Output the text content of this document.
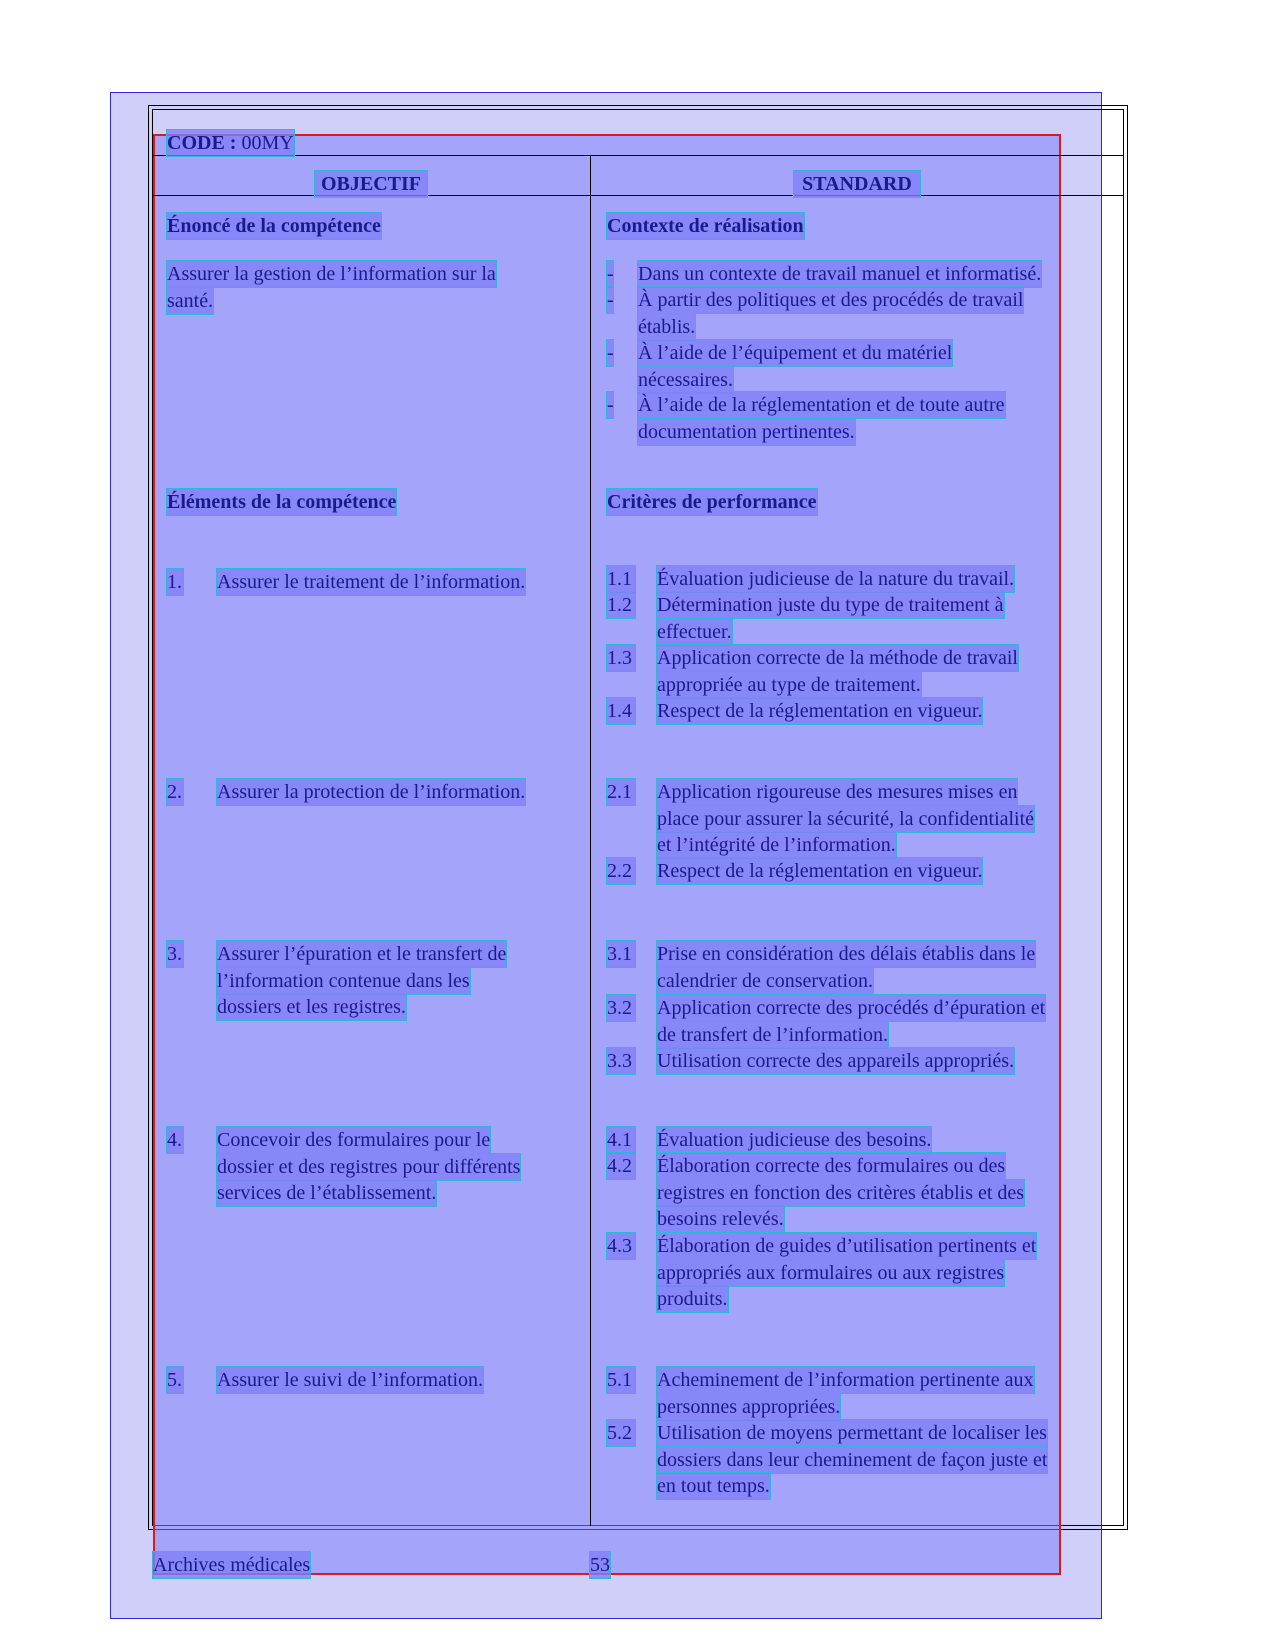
CODE : 00MY
OBJECTIF	STANDARD
Énoncé de la compétence
Assurer la gestion de l’information sur la
santé.
Éléments de la compétence
1. Assurer le traitement de l’information.
2. Assurer la protection de l’information.
3. Assurer l’épuration et le transfert de
l’information contenue dans les
dossiers et les registres.
4. Concevoir des formulaires pour le
dossier et des registres pour différents
services de l’établissement.
5. Assurer le suivi de l’information.
Contexte de réalisation
- Dans un contexte de travail manuel et informatisé.
- À partir des politiques et des procédés de travail
établis.
- À l’aide de l’équipement et du matériel
nécessaires.
- À l’aide de la réglementation et de toute autre
documentation pertinentes.
Critères de performance
1.1 Évaluation judicieuse de la nature du travail.
1.2 Détermination juste du type de traitement à
effectuer.
1.3 Application correcte de la méthode de travail
appropriée au type de traitement.
1.4 Respect de la réglementation en vigueur.
2.1 Application rigoureuse des mesures mises en
place pour assurer la sécurité, la confidentialité
et l’intégrité de l’information.
2.2 Respect de la réglementation en vigueur.
3.1 Prise en considération des délais établis dans le
calendrier de conservation.
3.2 Application correcte des procédés d’épuration et
de transfert de l’information.
3.3 Utilisation correcte des appareils appropriés.
4.1 Évaluation judicieuse des besoins.
4.2 Élaboration correcte des formulaires ou des
registres en fonction des critères établis et des
besoins relevés.
4.3 Élaboration de guides d’utilisation pertinents et
appropriés aux formulaires ou aux registres
produits.
5.1 Acheminement de l’information pertinente aux
personnes appropriées.
5.2 Utilisation de moyens permettant de localiser les
dossiers dans leur cheminement de façon juste et
en tout temps.
Archives médicales	53
